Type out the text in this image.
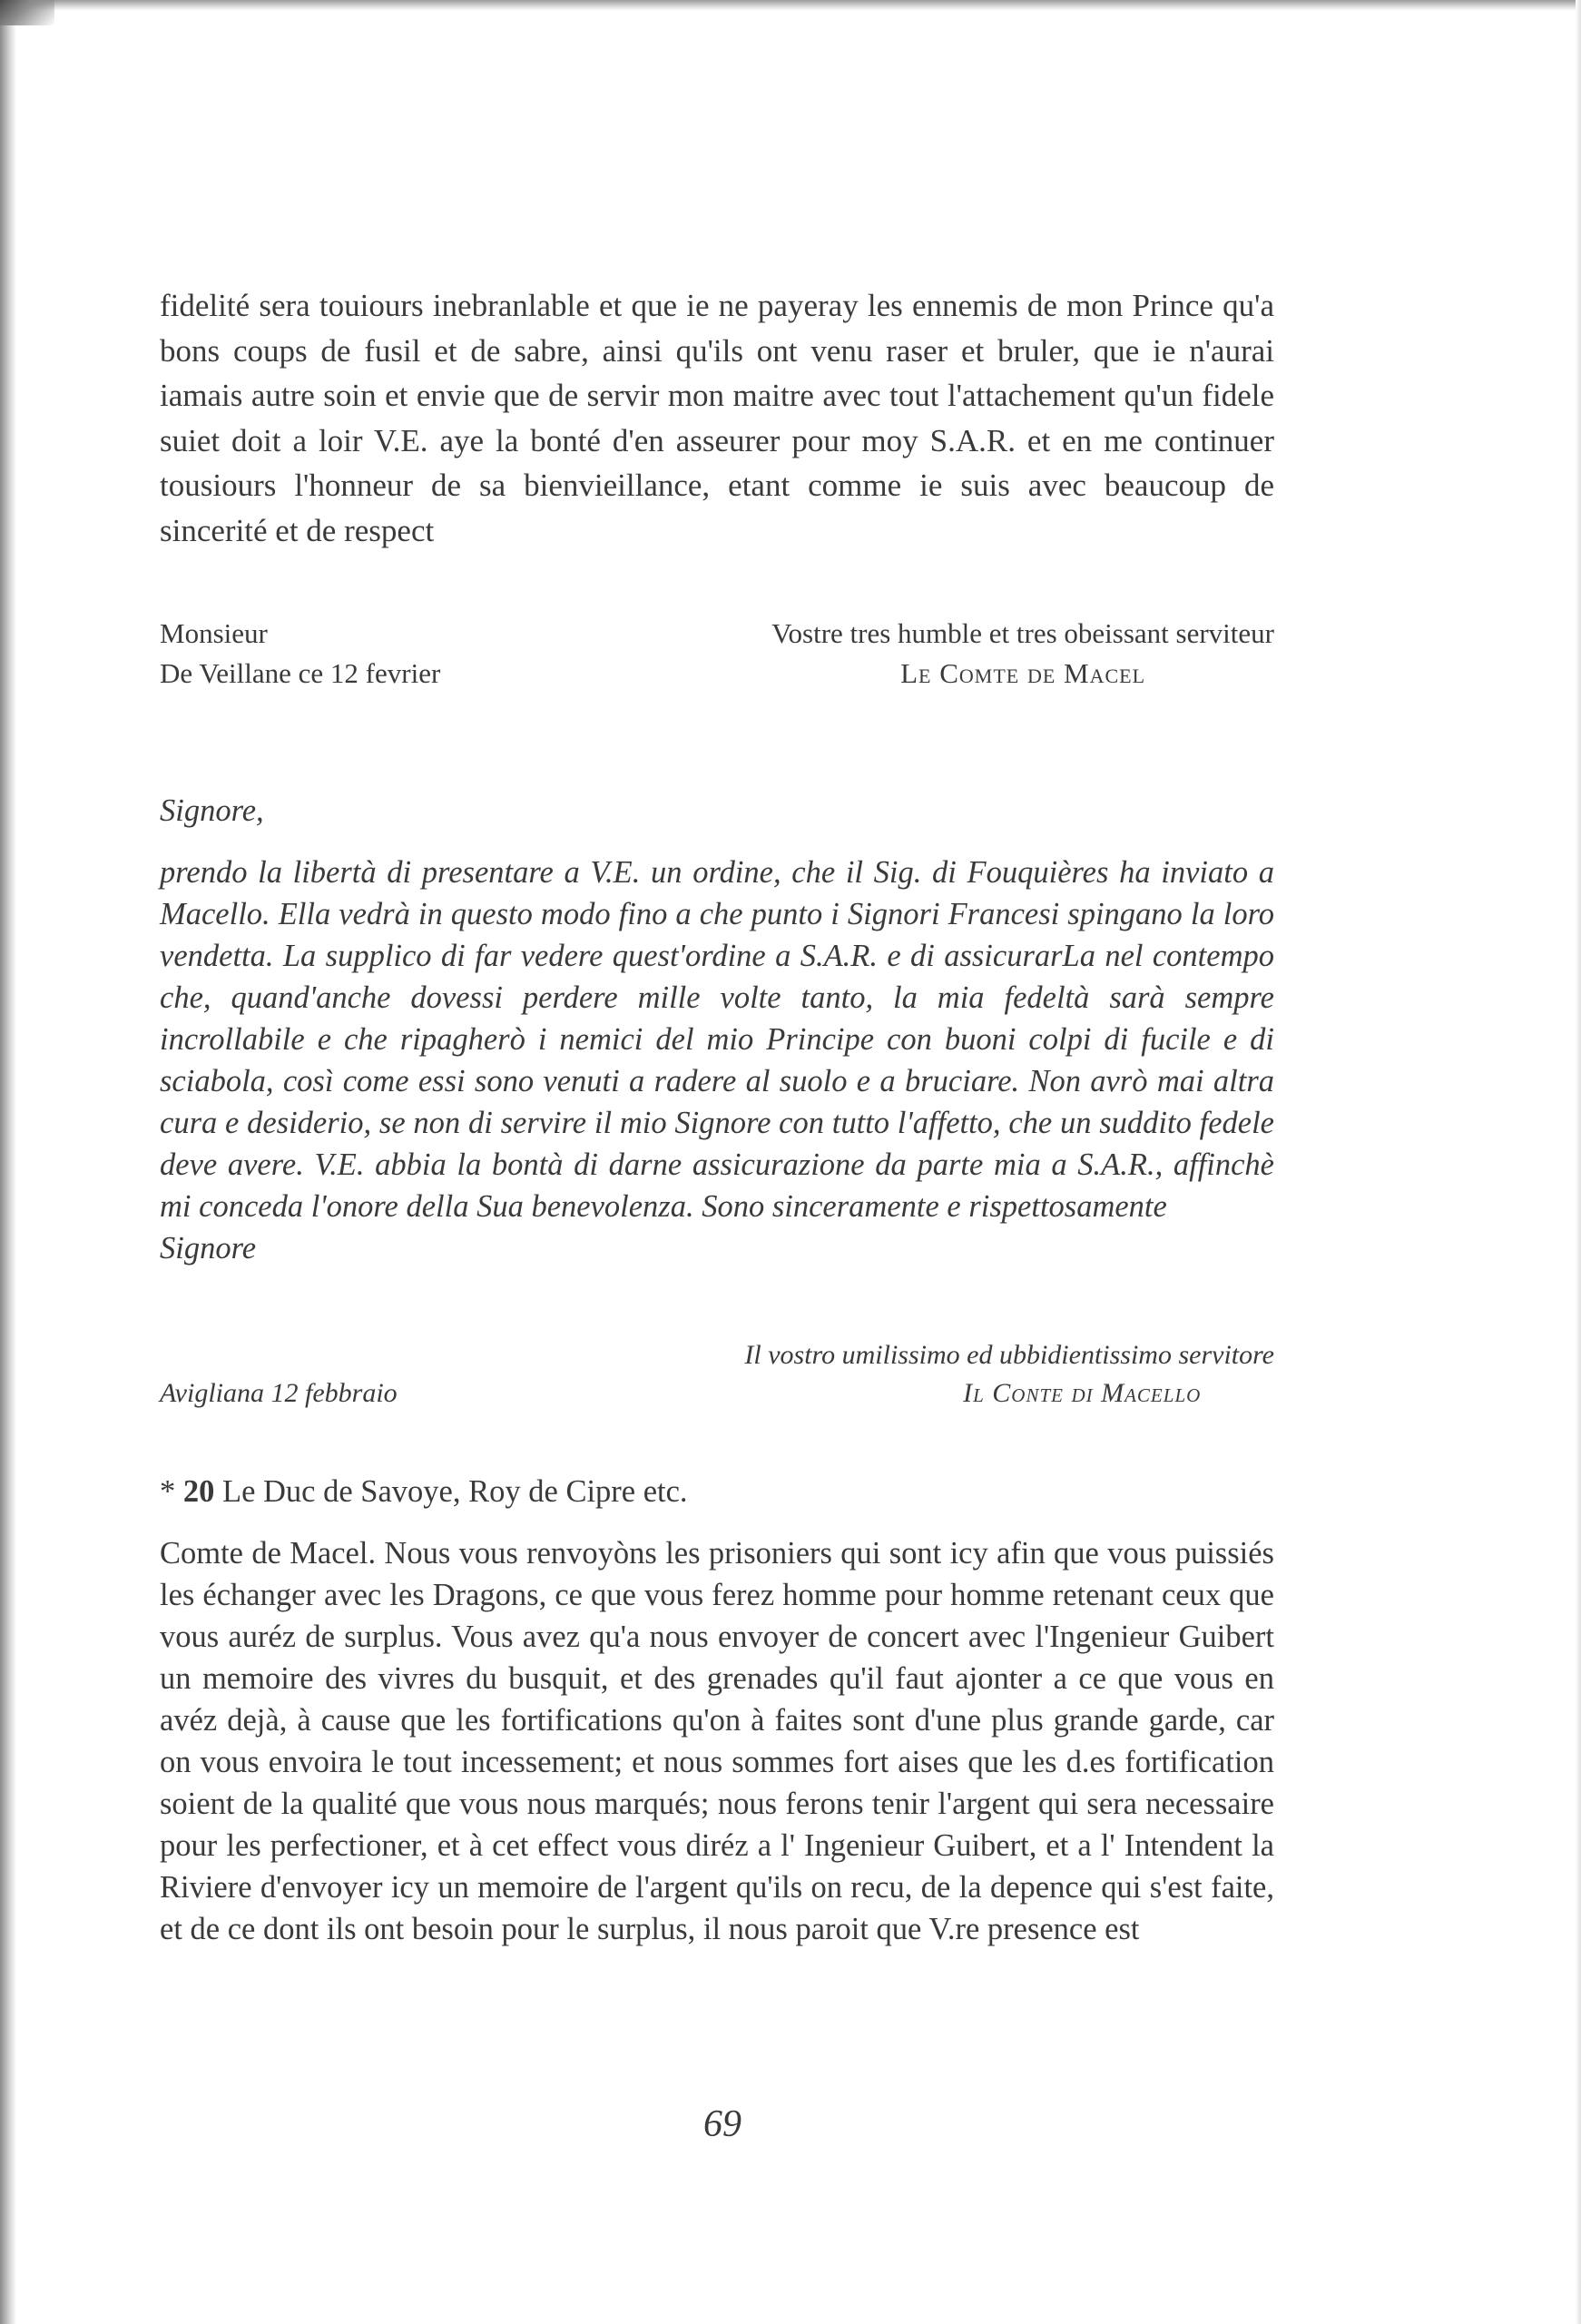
fidelité sera touiours inebranlable et que ie ne payeray les ennemis de mon Prince qu'a bons coups de fusil et de sabre, ainsi qu'ils ont venu raser et bruler, que ie n'aurai iamais autre soin et envie que de servir mon maitre avec tout l'attachement qu'un fidele suiet doit a loir V.E. aye la bonté d'en asseurer pour moy S.A.R. et en me continuer tousiours l'honneur de sa bienvieillance, etant comme ie suis avec beaucoup de sincerité et de respect

Monsieur
De Veillane ce 12 fevrier
Vostre tres humble et tres obeissant serviteur
Le Comte de Macel

Signore,

prendo la libertà di presentare a V.E. un ordine, che il Sig. di Fouquières ha inviato a Macello. Ella vedrà in questo modo fino a che punto i Signori Francesi spingano la loro vendetta. La supplico di far vedere quest'ordine a S.A.R. e di assicurarLa nel contempo che, quand'anche dovessi perdere mille volte tanto, la mia fedeltà sarà sempre incrollabile e che ripagherò i nemici del mio Principe con buoni colpi di fucile e di sciabola, così come essi sono venuti a radere al suolo e a bruciare. Non avrò mai altra cura e desiderio, se non di servire il mio Signore con tutto l'affetto, che un suddito fedele deve avere. V.E. abbia la bontà di darne assicurazione da parte mia a S.A.R., affinchè mi conceda l'onore della Sua benevolenza. Sono sinceramente e rispettosamente

Signore

Il vostro umilissimo ed ubbidientissimo servitore
Il Conte di Macello
Avigliana 12 febbraio

* 20 Le Duc de Savoye, Roy de Cipre etc.

Comte de Macel. Nous vous renvoyòns les prisoniers qui sont icy afin que vous puissiés les échanger avec les Dragons, ce que vous ferez homme pour homme retenant ceux que vous auréz de surplus. Vous avez qu'a nous envoyer de concert avec l'Ingenieur Guibert un memoire des vivres du busquit, et des grenades qu'il faut ajonter a ce que vous en avéz dejà, à cause que les fortifications qu'on à faites sont d'une plus grande garde, car on vous envoira le tout incessement; et nous sommes fort aises que les d.es fortification soient de la qualité que vous nous marqués; nous ferons tenir l'argent qui sera necessaire pour les perfectioner, et à cet effect vous diréz a l' Ingenieur Guibert, et a l' Intendent la Riviere d'envoyer icy un memoire de l'argent qu'ils on recu, de la depence qui s'est faite, et de ce dont ils ont besoin pour le surplus, il nous paroit que V.re presence est

69
